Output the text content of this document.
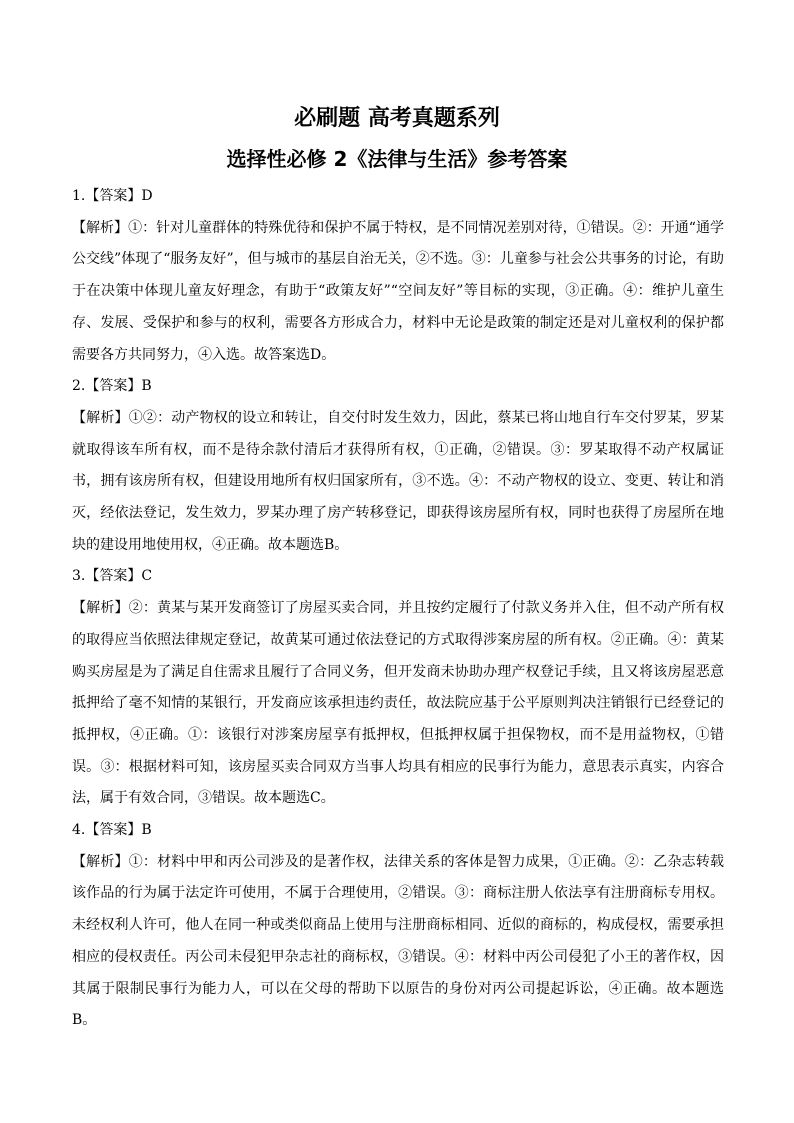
必刷题 高考真题系列
选择性必修 2《法律与生活》参考答案
1.【答案】D
【解析】①：针对儿童群体的特殊优待和保护不属于特权，是不同情况差别对待，①错误。②：开通“通学公交线”体现了“服务友好”，但与城市的基层自治无关，②不选。③：儿童参与社会公共事务的讨论，有助于在决策中体现儿童友好理念，有助于“政策友好”“空间友好”等目标的实现，③正确。④：维护儿童生存、发展、受保护和参与的权利，需要各方形成合力，材料中无论是政策的制定还是对儿童权利的保护都需要各方共同努力，④入选。故答案选D。
2.【答案】B
【解析】①②：动产物权的设立和转让，自交付时发生效力，因此，蔡某已将山地自行车交付罗某，罗某就取得该车所有权，而不是待余款付清后才获得所有权，①正确，②错误。③：罗某取得不动产权属证书，拥有该房所有权，但建设用地所有权归国家所有，③不选。④：不动产物权的设立、变更、转让和消灭，经依法登记，发生效力，罗某办理了房产转移登记，即获得该房屋所有权，同时也获得了房屋所在地块的建设用地使用权，④正确。故本题选B。
3.【答案】C
【解析】②：黄某与某开发商签订了房屋买卖合同，并且按约定履行了付款义务并入住，但不动产所有权的取得应当依照法律规定登记，故黄某可通过依法登记的方式取得涉案房屋的所有权。②正确。④：黄某购买房屋是为了满足自住需求且履行了合同义务，但开发商未协助办理产权登记手续，且又将该房屋恶意抵押给了毫不知情的某银行，开发商应该承担违约责任，故法院应基于公平原则判决注销银行已经登记的抵押权，④正确。①：该银行对涉案房屋享有抵押权，但抵押权属于担保物权，而不是用益物权，①错误。③：根据材料可知，该房屋买卖合同双方当事人均具有相应的民事行为能力，意思表示真实，内容合法，属于有效合同，③错误。故本题选C。
4.【答案】B
【解析】①：材料中甲和丙公司涉及的是著作权，法律关系的客体是智力成果，①正确。②：乙杂志转载该作品的行为属于法定许可使用，不属于合理使用，②错误。③：商标注册人依法享有注册商标专用权。未经权利人许可，他人在同一种或类似商品上使用与注册商标相同、近似的商标的，构成侵权，需要承担相应的侵权责任。丙公司未侵犯甲杂志社的商标权，③错误。④：材料中丙公司侵犯了小王的著作权，因其属于限制民事行为能力人，可以在父母的帮助下以原告的身份对丙公司提起诉讼，④正确。故本题选B。
